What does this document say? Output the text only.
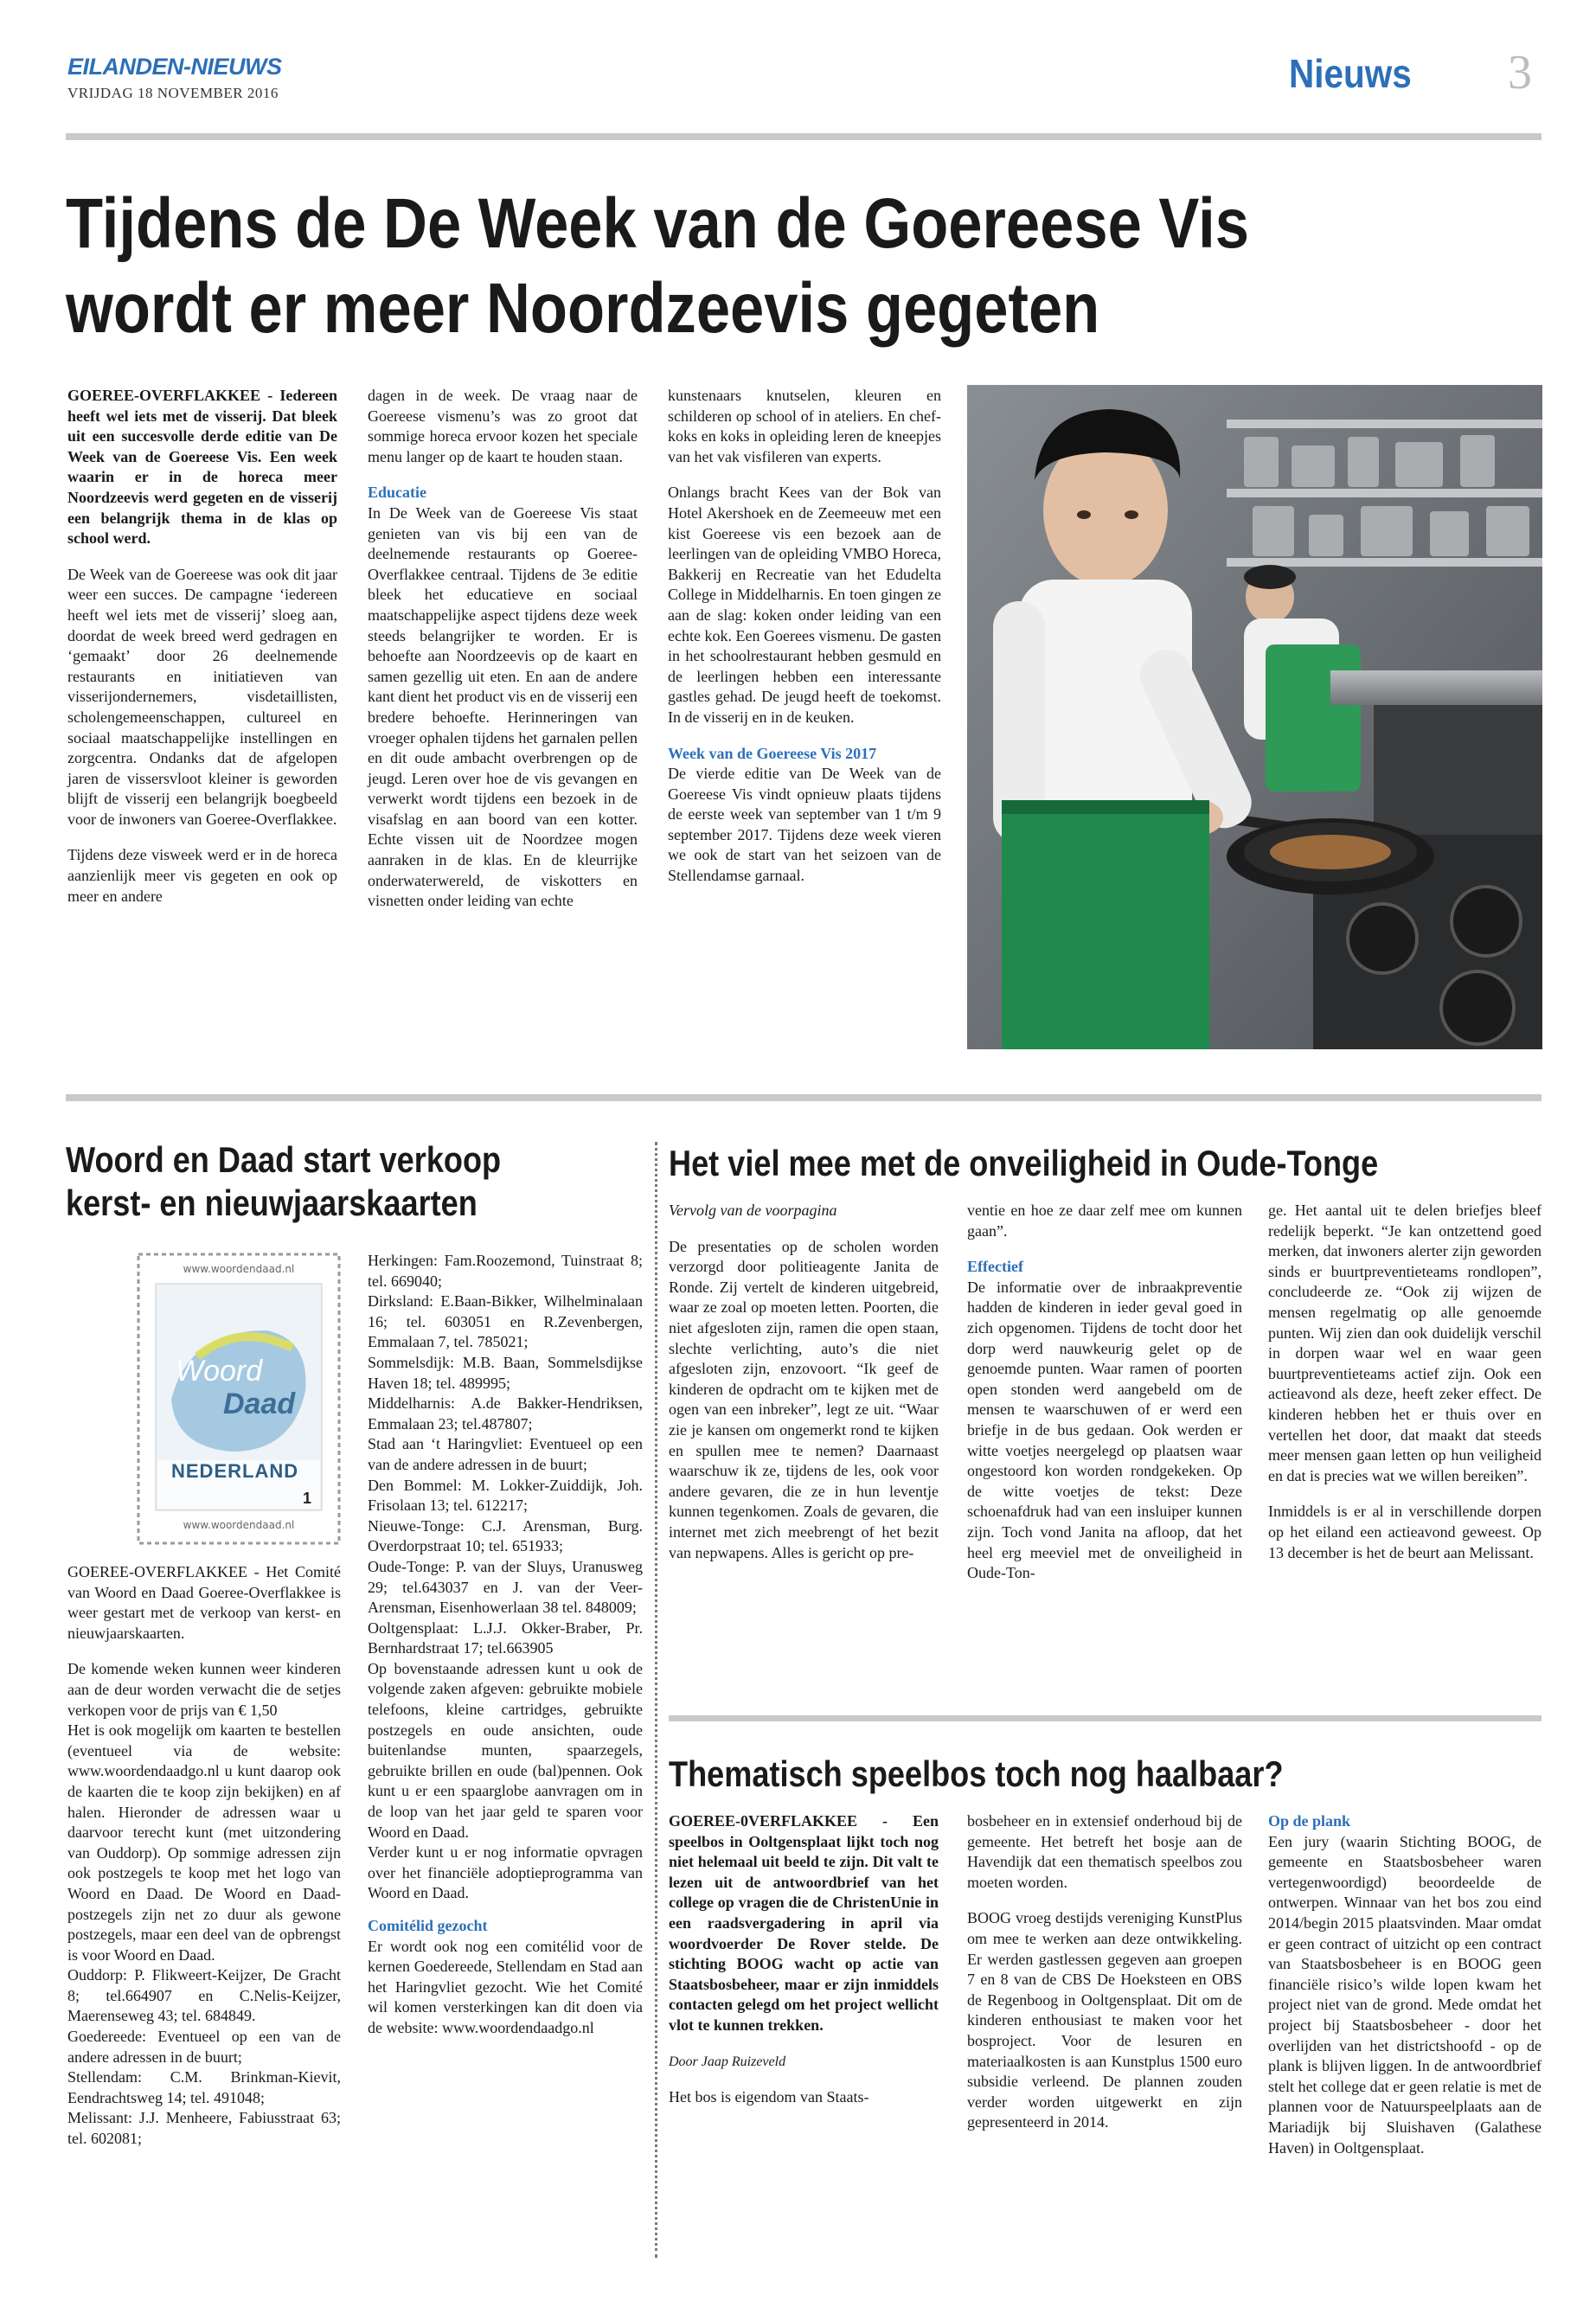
EILANDEN-NIEUWS
VRIJDAG 18 NOVEMBER 2016	Nieuws 3
Tijdens de De Week van de Goereese Vis
wordt er meer Noordzeevis gegeten

GOEREE-OVERFLAKKEE - Iedereen heeft wel iets met de visserij. Dat bleek uit een succesvolle derde editie van De Week van de Goereese Vis. Een week waarin er in de horeca meer Noordzeevis werd gegeten en de visserij een belangrijk thema in de klas op school werd.

De Week van de Goereese was ook dit jaar weer een succes. De campagne ‘iedereen heeft wel iets met de visserij’ sloeg aan, doordat de week breed werd gedragen en ‘gemaakt’ door 26 deelnemende restaurants en initiatieven van visserijondernemers, visdetaillisten, scholengemeenschappen, cultureel en sociaal maatschappelijke instellingen en zorgcentra. Ondanks dat de afgelopen jaren de vissersvloot kleiner is geworden blijft de visserij een belangrijk boegbeeld voor de inwoners van Goeree-Overflakkee.

Tijdens deze visweek werd er in de horeca aanzienlijk meer vis gegeten en ook op meer en andere

dagen in de week. De vraag naar de Goereese vismenu’s was zo groot dat sommige horeca ervoor kozen het speciale menu langer op de kaart te houden staan.

Educatie

In De Week van de Goereese Vis staat genieten van vis bij een van de deelnemende restaurants op Goeree-Overflakkee centraal. Tijdens de 3e editie bleek het educatieve en sociaal maatschappelijke aspect tijdens deze week steeds belangrijker te worden. Er is behoefte aan Noordzeevis op de kaart en samen gezellig uit eten. En aan de andere kant dient het product vis en de visserij een bredere behoefte. Herinneringen van vroeger ophalen tijdens het garnalen pellen en dit oude ambacht overbrengen op de jeugd. Leren over hoe de vis gevangen en verwerkt wordt tijdens een bezoek in de visafslag en aan boord van een kotter. Echte vissen uit de Noordzee mogen aanraken in de klas. En de kleurrijke onderwaterwereld, de viskotters en visnetten onder leiding van echte

kunstenaars knutselen, kleuren en schilderen op school of in ateliers. En chef-koks en koks in opleiding leren de kneepjes van het vak visfileren van experts.

Onlangs bracht Kees van der Bok van Hotel Akershoek en de Zeemeeuw met een kist Goereese vis een bezoek aan de leerlingen van de opleiding VMBO Horeca, Bakkerij en Recreatie van het Edudelta College in Middelharnis. En toen gingen ze aan de slag: koken onder leiding van een echte kok. Een Goerees vismenu. De gasten in het schoolrestaurant hebben gesmuld en de leerlingen hebben een interessante gastles gehad. De jeugd heeft de toekomst. In de visserij en in de keuken.

Week van de Goereese Vis 2017

De vierde editie van De Week van de Goereese Vis vindt opnieuw plaats tijdens de eerste week van september van 1 t/m 9 september 2017. Tijdens deze week vieren we ook de start van het seizoen van de Stellendamse garnaal.

Woord en Daad start verkoop
kerst- en nieuwjaarskaarten
www.woordendaad.nl
Woord
Daad
NEDERLAND
1
www.woordendaad.nl

GOEREE-OVERFLAKKEE - Het Comité van Woord en Daad Goeree-Overflakkee is weer gestart met de verkoop van kerst- en nieuwjaarskaarten.

De komende weken kunnen weer kinderen aan de deur worden verwacht die de setjes verkopen voor de prijs van € 1,50
Het is ook mogelijk om kaarten te bestellen (eventueel via de website: www.woordendaadgo.nl u kunt daarop ook de kaarten die te koop zijn bekijken) en af halen. Hieronder de adressen waar u daarvoor terecht kunt (met uitzondering van Ouddorp). Op sommige adressen zijn ook postzegels te koop met het logo van Woord en Daad. De Woord en Daad-postzegels zijn net zo duur als gewone postzegels, maar een deel van de opbrengst is voor Woord en Daad.
Ouddorp: P. Flikweert-Keijzer, De Gracht 8; tel.664907 en C.Nelis-Keijzer, Maerenseweg 43; tel. 684849.
Goedereede: Eventueel op een van de andere adressen in de buurt;
Stellendam: C.M. Brinkman-Kievit, Eendrachtsweg 14; tel. 491048;
Melissant: J.J. Menheere, Fabiusstraat 63; tel. 602081;

Herkingen: Fam.Roozemond, Tuinstraat 8; tel. 669040;
Dirksland: E.Baan-Bikker, Wilhelminalaan 16; tel. 603051 en R.Zevenbergen, Emmalaan 7, tel. 785021;
Sommelsdijk: M.B. Baan, Sommelsdijkse Haven 18; tel. 489995;
Middelharnis: A.de Bakker-Hendriksen, Emmalaan 23; tel.487807;
Stad aan ‘t Haringvliet: Eventueel op een van de andere adressen in de buurt;
Den Bommel: M. Lokker-Zuiddijk, Joh. Frisolaan 13; tel. 612217;
Nieuwe-Tonge: C.J. Arensman, Burg. Overdorpstraat 10; tel. 651933;
Oude-Tonge: P. van der Sluys, Uranusweg 29; tel.643037 en J. van der Veer-Arensman, Eisenhowerlaan 38 tel. 848009;
Ooltgensplaat: L.J.J. Okker-Braber, Pr. Bernhardstraat 17; tel.663905
Op bovenstaande adressen kunt u ook de volgende zaken afgeven: gebruikte mobiele telefoons, kleine cartridges, gebruikte postzegels en oude ansichten, oude buitenlandse munten, spaarzegels, gebruikte brillen en oude (bal)pennen. Ook kunt u er een spaarglobe aanvragen om in de loop van het jaar geld te sparen voor Woord en Daad.
Verder kunt u er nog informatie opvragen over het financiële adoptieprogramma van Woord en Daad.

Comitélid gezocht

Er wordt ook nog een comitélid voor de kernen Goedereede, Stellendam en Stad aan het Haringvliet gezocht. Wie het Comité wil komen versterkingen kan dit doen via de website: www.woordendaadgo.nl

Het viel mee met de onveiligheid in Oude-Tonge
Vervolg van de voorpagina

De presentaties op de scholen worden verzorgd door politieagente Janita de Ronde. Zij vertelt de kinderen uitgebreid, waar ze zoal op moeten letten. Poorten, die niet afgesloten zijn, ramen die open staan, slechte verlichting, auto’s die niet afgesloten zijn, enzovoort. “Ik geef de kinderen de opdracht om te kijken met de ogen van een inbreker”, legt ze uit. “Waar zie je kansen om ongemerkt rond te kijken en spullen mee te nemen? Daarnaast waarschuw ik ze, tijdens de les, ook voor andere gevaren, die ze in hun leventje kunnen tegenkomen. Zoals de gevaren, die internet met zich meebrengt of het bezit van nepwapens. Alles is gericht op pre-

ventie en hoe ze daar zelf mee om kunnen gaan”.

Effectief

De informatie over de inbraakpreventie hadden de kinderen in ieder geval goed in zich opgenomen. Tijdens de tocht door het dorp werd nauwkeurig gelet op de genoemde punten. Waar ramen of poorten open stonden werd aangebeld om de mensen te waarschuwen of er werd een briefje in de bus gedaan. Ook werden er witte voetjes neergelegd op plaatsen waar ongestoord kon worden rondgekeken. Op de witte voetjes de tekst: Deze schoenafdruk had van een insluiper kunnen zijn. Toch vond Janita na afloop, dat het heel erg meeviel met de onveiligheid in Oude-Ton-

ge. Het aantal uit te delen briefjes bleef redelijk beperkt. “Je kan ontzettend goed merken, dat inwoners alerter zijn geworden sinds er buurtpreventieteams rondlopen”, concludeerde ze. “Ook zij wijzen de mensen regelmatig op alle genoemde punten. Wij zien dan ook duidelijk verschil in dorpen waar wel en waar geen buurtpreventieteams actief zijn. Ook een actieavond als deze, heeft zeker effect. De kinderen hebben het er thuis over en vertellen het door, dat maakt dat steeds meer mensen gaan letten op hun veiligheid en dat is precies wat we willen bereiken”.

Inmiddels is er al in verschillende dorpen op het eiland een actieavond geweest. Op 13 december is het de beurt aan Melissant.

Thematisch speelbos toch nog haalbaar?

GOEREE-0VERFLAKKEE - Een speelbos in Ooltgensplaat lijkt toch nog niet helemaal uit beeld te zijn. Dit valt te lezen uit de antwoordbrief van het college op vragen die de ChristenUnie in een raadsvergadering in april via woordvoerder De Rover stelde. De stichting BOOG wacht op actie van Staatsbosbeheer, maar er zijn inmiddels contacten gelegd om het project wellicht vlot te kunnen trekken.

Door Jaap Ruizeveld

Het bos is eigendom van Staats-

bosbeheer en in extensief onderhoud bij de gemeente. Het betreft het bosje aan de Havendijk dat een thematisch speelbos zou moeten worden.

BOOG vroeg destijds vereniging KunstPlus om mee te werken aan deze ontwikkeling. Er werden gastlessen gegeven aan groepen 7 en 8 van de CBS De Hoeksteen en OBS de Regenboog in Ooltgensplaat. Dit om de kinderen enthousiast te maken voor het bosproject. Voor de lesuren en materiaalkosten is aan Kunstplus 1500 euro subsidie verleend. De plannen zouden verder worden uitgewerkt en zijn gepresenteerd in 2014.

Op de plank

Een jury (waarin Stichting BOOG, de gemeente en Staatsbosbeheer waren vertegenwoordigd) beoordeelde de ontwerpen. Winnaar van het bos zou eind 2014/begin 2015 plaatsvinden. Maar omdat er geen contract of uitzicht op een contract van Staatsbosbeheer is en BOOG geen financiële risico’s wilde lopen kwam het project niet van de grond. Mede omdat het project bij Staatsbosbeheer - door het overlijden van het districtshoofd - op de plank is blijven liggen. In de antwoordbrief stelt het college dat er geen relatie is met de plannen voor de Natuurspeelplaats aan de Mariadijk bij Sluishaven (Galathese Haven) in Ooltgensplaat.
